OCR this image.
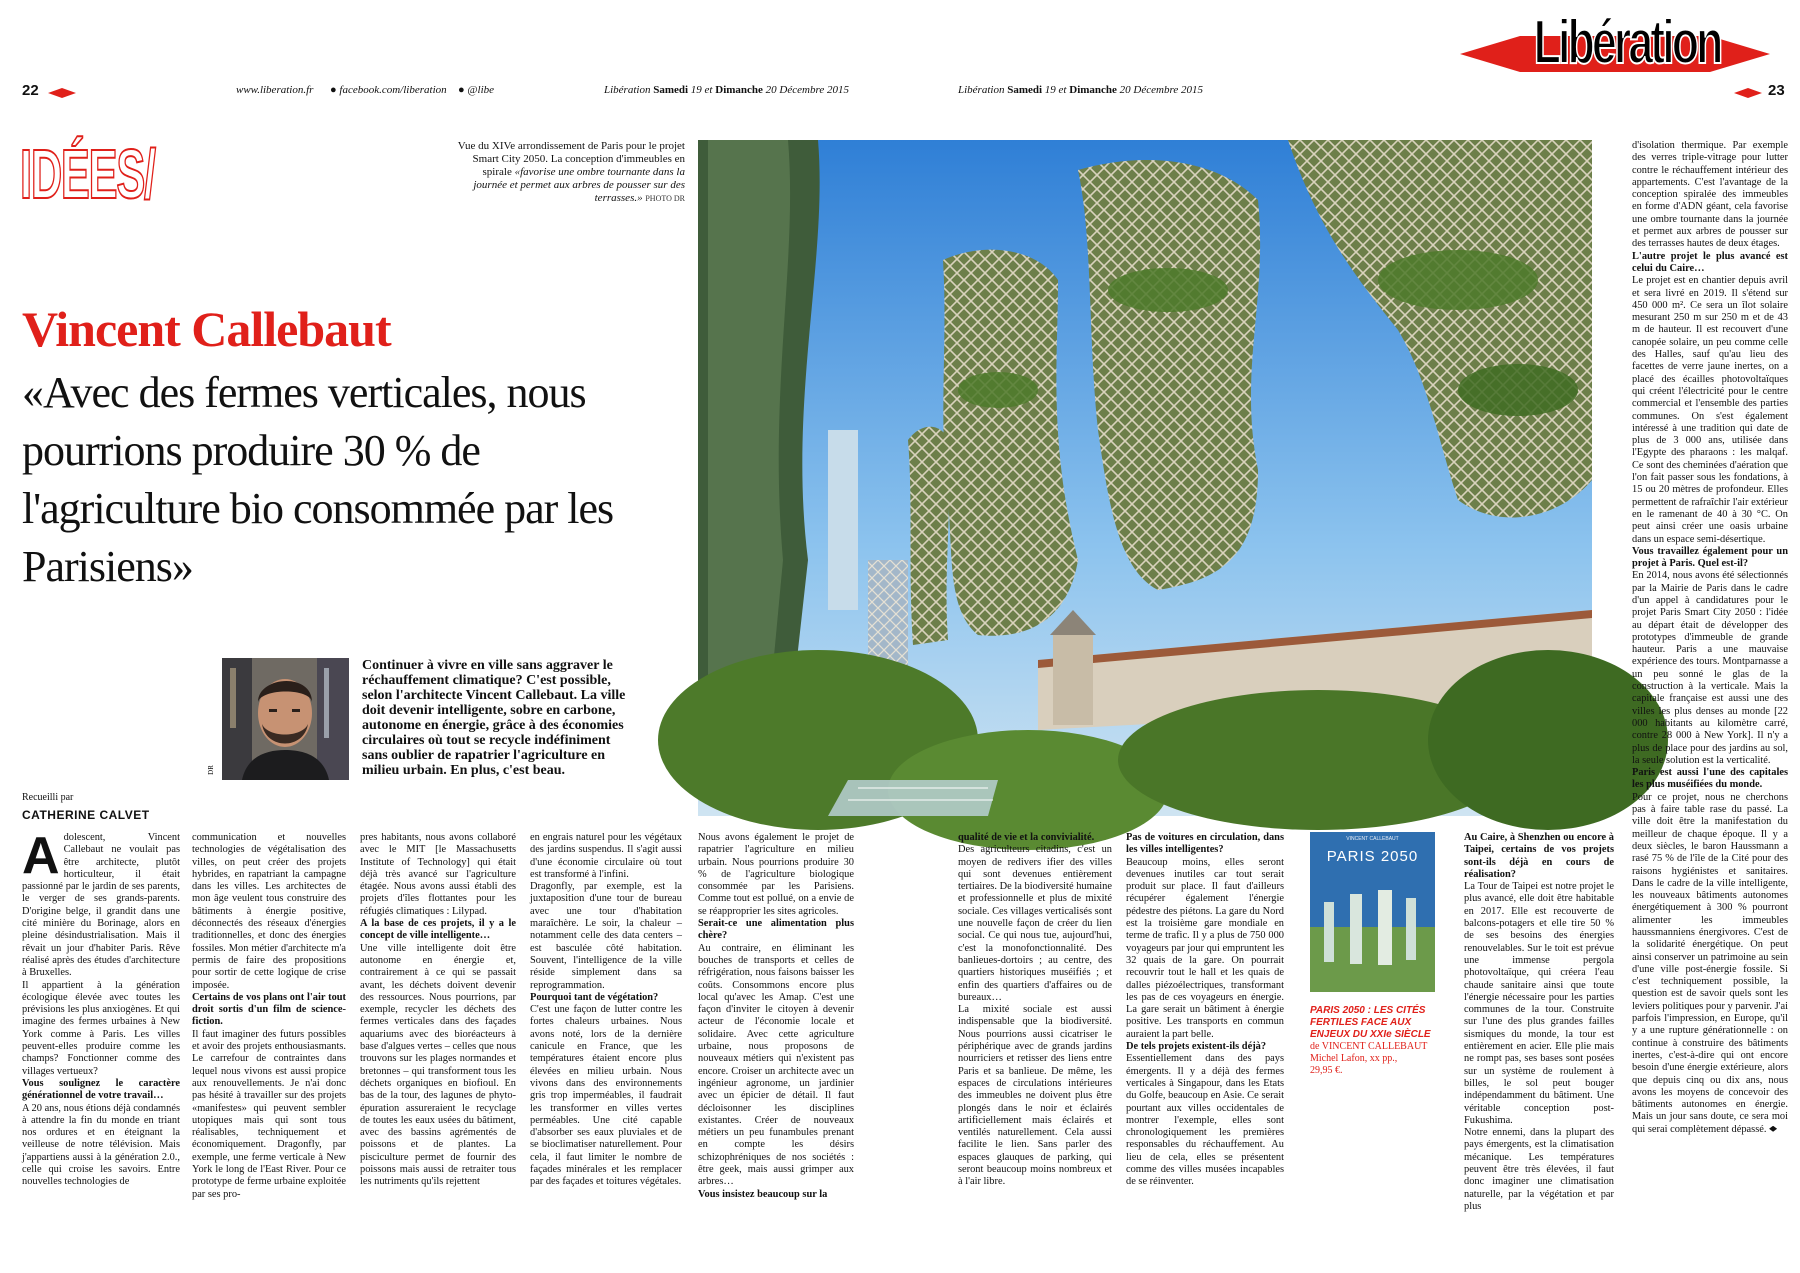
22	www.liberation.fr ● facebook.com/liberation ● @libe	Libération Samedi 19 et Dimanche 20 Décembre 2015	Libération Samedi 19 et Dimanche 20 Décembre 2015	23
Libération
IDÉES/	Vue du XIVe arrondissement de Paris pour le projet Smart City 2050. La conception d'immeubles en spirale «favorise une ombre tournante dans la journée et permet aux arbres de pousser sur des terrasses.» PHOTO DR
Vincent Callebaut
«Avec des fermes verticales, nous pourrions produire 30 % de l'agriculture bio consommée par les Parisiens»
DR
Continuer à vivre en ville sans aggraver le réchauffement climatique? C'est possible, selon l'architecte Vincent Callebaut. La ville doit devenir intelligente, sobre en carbone, autonome en énergie, grâce à des économies circulaires où tout se recycle indéfiniment sans oublier de rapatrier l'agriculture en milieu urbain. En plus, c'est beau.
Recueilli par
CATHERINE CALVET

Adolescent, Vincent Callebaut ne voulait pas être architecte, plutôt horticulteur, il était passionné par le jardin de ses parents, le verger de ses grands-parents. D'origine belge, il grandit dans une cité minière du Borinage, alors en pleine désindustrialisation. Mais il rêvait un jour d'habiter Paris. Rêve réalisé après des études d'architecture à Bruxelles.

Il appartient à la génération écologique élevée avec toutes les prévisions les plus anxiogènes. Et qui imagine des fermes urbaines à New York comme à Paris. Les villes peuvent-elles produire comme les champs? Fonctionner comme des villages vertueux?

Vous soulignez le caractère générationnel de votre travail…

A 20 ans, nous étions déjà condamnés à attendre la fin du monde en triant nos ordures et en éteignant la veilleuse de notre télévision. Mais j'appartiens aussi à la génération 2.0., celle qui croise les savoirs. Entre nouvelles technologies de

communication et nouvelles technologies de végétalisation des villes, on peut créer des projets hybrides, en rapatriant la campagne dans les villes. Les architectes de mon âge veulent tous construire des bâtiments à énergie positive, déconnectés des réseaux d'énergies traditionnelles, et donc des énergies fossiles. Mon métier d'architecte m'a permis de faire des propositions pour sortir de cette logique de crise imposée.

Certains de vos plans ont l'air tout droit sortis d'un film de science-fiction.

Il faut imaginer des futurs possibles et avoir des projets enthousiasmants. Le carrefour de contraintes dans lequel nous vivons est aussi propice aux renouvellements. Je n'ai donc pas hésité à travailler sur des projets «manifestes» qui peuvent sembler utopiques mais qui sont tous réalisables, techniquement et économiquement. Dragonfly, par exemple, une ferme verticale à New York le long de l'East River. Pour ce prototype de ferme urbaine exploitée par ses pro-

pres habitants, nous avons collaboré avec le MIT [le Massachusetts Institute of Technology] qui était déjà très avancé sur l'agriculture étagée. Nous avons aussi établi des projets d'îles flottantes pour les réfugiés climatiques : Lilypad.

A la base de ces projets, il y a le concept de ville intelligente…

Une ville intelligente doit être autonome en énergie et, contrairement à ce qui se passait avant, les déchets doivent devenir des ressources. Nous pourrions, par exemple, recycler les déchets des fermes verticales dans des façades aquariums avec des bioréacteurs à base d'algues vertes – celles que nous trouvons sur les plages normandes et bretonnes – qui transforment tous les déchets organiques en biofioul. En bas de la tour, des lagunes de phyto-épuration assureraient le recyclage de toutes les eaux usées du bâtiment, avec des bassins agrémentés de poissons et de plantes. La pisciculture permet de fournir des poissons mais aussi de retraiter tous les nutriments qu'ils rejettent

en engrais naturel pour les végétaux des jardins suspendus. Il s'agit aussi d'une économie circulaire où tout est transformé à l'infini.

Dragonfly, par exemple, est la juxtaposition d'une tour de bureau avec une tour d'habitation maraîchère. Le soir, la chaleur – notamment celle des data centers – est basculée côté habitation. Souvent, l'intelligence de la ville réside simplement dans sa reprogrammation.

Pourquoi tant de végétation?

C'est une façon de lutter contre les fortes chaleurs urbaines. Nous avons noté, lors de la dernière canicule en France, que les températures étaient encore plus élevées en milieu urbain. Nous vivons dans des environnements gris trop imperméables, il faudrait les transformer en villes vertes perméables. Une cité capable d'absorber ses eaux pluviales et de se bioclimatiser naturellement. Pour cela, il faut limiter le nombre de façades minérales et les remplacer par des façades et toitures végétales.

Nous avons également le projet de rapatrier l'agriculture en milieu urbain. Nous pourrions produire 30 % de l'agriculture biologique consommée par les Parisiens. Comme tout est pollué, on a envie de se réapproprier les sites agricoles.

Serait-ce une alimentation plus chère?

Au contraire, en éliminant les bouches de transports et celles de réfrigération, nous faisons baisser les coûts. Consommons encore plus local qu'avec les Amap. C'est une façon d'inviter le citoyen à devenir acteur de l'économie locale et solidaire. Avec cette agriculture urbaine, nous proposons de nouveaux métiers qui n'existent pas encore. Croiser un architecte avec un ingénieur agronome, un jardinier avec un épicier de détail. Il faut décloisonner les disciplines existantes. Créer de nouveaux métiers un peu funambules prenant en compte les désirs schizophréniques de nos sociétés : être geek, mais aussi grimper aux arbres…

Vous insistez beaucoup sur la

qualité de vie et la convivialité.

Des agriculteurs citadins, c'est un moyen de redivers ifier des villes qui sont devenues entièrement tertiaires. De la biodiversité humaine et professionnelle et plus de mixité sociale. Ces villages verticalisés sont une nouvelle façon de créer du lien social. Ce qui nous tue, aujourd'hui, c'est la monofonctionnalité. Des banlieues-dortoirs ; au centre, des quartiers historiques muséifiés ; et enfin des quartiers d'affaires ou de bureaux…

La mixité sociale est aussi indispensable que la biodiversité. Nous pourrions aussi cicatriser le périphérique avec de grands jardins nourriciers et retisser des liens entre Paris et sa banlieue. De même, les espaces de circulations intérieures des immeubles ne doivent plus être plongés dans le noir et éclairés artificiellement mais éclairés et ventilés naturellement. Cela aussi facilite le lien. Sans parler des espaces glauques de parking, qui seront beaucoup moins nombreux et à l'air libre.

Pas de voitures en circulation, dans les villes intelligentes?

Beaucoup moins, elles seront devenues inutiles car tout serait produit sur place. Il faut d'ailleurs récupérer également l'énergie pédestre des piétons. La gare du Nord est la troisième gare mondiale en terme de trafic. Il y a plus de 750 000 voyageurs par jour qui empruntent les 32 quais de la gare. On pourrait recouvrir tout le hall et les quais de dalles piézoélectriques, transformant les pas de ces voyageurs en énergie. La gare serait un bâtiment à énergie positive. Les transports en commun auraient la part belle.

De tels projets existent-ils déjà?

Essentiellement dans des pays émergents. Il y a déjà des fermes verticales à Singapour, dans les Etats du Golfe, beaucoup en Asie. Ce serait pourtant aux villes occidentales de montrer l'exemple, elles sont chronologiquement les premières responsables du réchauffement. Au lieu de cela, elles se présentent comme des villes musées incapables de se réinventer.

PARIS 2050
VINCENT CALLEBAUT
PARIS 2050 : LES CITÉS FERTILES FACE AUX ENJEUX DU XXIe SIÈCLE
de VINCENT CALLEBAUT
Michel Lafon, xx pp.,
29,95 €.

Au Caire, à Shenzhen ou encore à Taipei, certains de vos projets sont-ils déjà en cours de réalisation?

La Tour de Taipei est notre projet le plus avancé, elle doit être habitable en 2017. Elle est recouverte de balcons-potagers et elle tire 50 % de ses besoins des énergies renouvelables. Sur le toit est prévue une immense pergola photovoltaïque, qui créera l'eau chaude sanitaire ainsi que toute l'énergie nécessaire pour les parties communes de la tour. Construite sur l'une des plus grandes failles sismiques du monde, la tour est entièrement en acier. Elle plie mais ne rompt pas, ses bases sont posées sur un système de roulement à billes, le sol peut bouger indépendamment du bâtiment. Une véritable conception post-Fukushima.

Notre ennemi, dans la plupart des pays émergents, est la climatisation mécanique. Les températures peuvent être très élevées, il faut donc imaginer une climatisation naturelle, par la végétation et par plus

d'isolation thermique. Par exemple des verres triple-vitrage pour lutter contre le réchauffement intérieur des appartements. C'est l'avantage de la conception spiralée des immeubles en forme d'ADN géant, cela favorise une ombre tournante dans la journée et permet aux arbres de pousser sur des terrasses hautes de deux étages.

L'autre projet le plus avancé est celui du Caire…

Le projet est en chantier depuis avril et sera livré en 2019. Il s'étend sur 450 000 m². Ce sera un îlot solaire mesurant 250 m sur 250 m et de 43 m de hauteur. Il est recouvert d'une canopée solaire, un peu comme celle des Halles, sauf qu'au lieu des facettes de verre jaune inertes, on a placé des écailles photovoltaïques qui créent l'électricité pour le centre commercial et l'ensemble des parties communes. On s'est également intéressé à une tradition qui date de plus de 3 000 ans, utilisée dans l'Egypte des pharaons : les malqaf. Ce sont des cheminées d'aération que l'on fait passer sous les fondations, à 15 ou 20 mètres de profondeur. Elles permettent de rafraîchir l'air extérieur en le ramenant de 40 à 30 °C. On peut ainsi créer une oasis urbaine dans un espace semi-désertique.

Vous travaillez également pour un projet à Paris. Quel est-il?

En 2014, nous avons été sélectionnés par la Mairie de Paris dans le cadre d'un appel à candidatures pour le projet Paris Smart City 2050 : l'idée au départ était de développer des prototypes d'immeuble de grande hauteur. Paris a une mauvaise expérience des tours. Montparnasse a un peu sonné le glas de la construction à la verticale. Mais la capitale française est aussi une des villes les plus denses au monde [22 000 habitants au kilomètre carré, contre 28 000 à New York]. Il n'y a plus de place pour des jardins au sol, la seule solution est la verticalité.

Paris est aussi l'une des capitales les plus muséifiées du monde.

Pour ce projet, nous ne cherchons pas à faire table rase du passé. La ville doit être la manifestation du meilleur de chaque époque. Il y a deux siècles, le baron Haussmann a rasé 75 % de l'île de la Cité pour des raisons hygiénistes et sanitaires. Dans le cadre de la ville intelligente, les nouveaux bâtiments autonomes énergétiquement à 300 % pourront alimenter les immeubles haussmanniens énergivores. C'est de la solidarité énergétique. On peut ainsi conserver un patrimoine au sein d'une ville post-énergie fossile. Si c'est techniquement possible, la question est de savoir quels sont les leviers politiques pour y parvenir. J'ai parfois l'impression, en Europe, qu'il y a une rupture générationnelle : on continue à construire des bâtiments inertes, c'est-à-dire qui ont encore besoin d'une énergie extérieure, alors que depuis cinq ou dix ans, nous avons les moyens de concevoir des bâtiments autonomes en énergie. Mais un jour sans doute, ce sera moi qui serai complètement dépassé.
